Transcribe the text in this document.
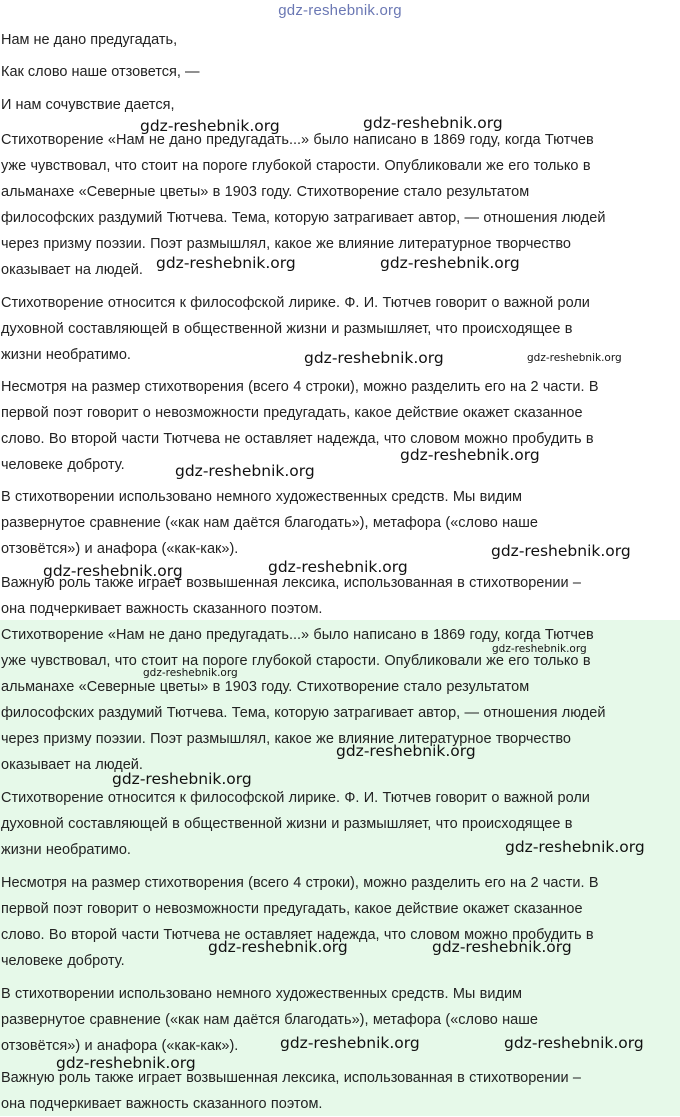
gdz-reshebnik.org
Нам не дано предугадать,
Как слово наше отзовется, —
И нам сочувствие дается,
Стихотворение «Нам не дано предугадать...» было написано в 1869 году, когда Тютчев
уже чувствовал, что стоит на пороге глубокой старости. Опубликовали же его только в
альманахе «Северные цветы» в 1903 году. Стихотворение стало результатом
философских раздумий Тютчева. Тема, которую затрагивает автор, — отношения людей
через призму поэзии. Поэт размышлял, какое же влияние литературное творчество
оказывает на людей.
Стихотворение относится к философской лирике. Ф. И. Тютчев говорит о важной роли
духовной составляющей в общественной жизни и размышляет, что происходящее в
жизни необратимо.
Несмотря на размер стихотворения (всего 4 строки), можно разделить его на 2 части. В
первой поэт говорит о невозможности предугадать, какое действие окажет сказанное
слово. Во второй части Тютчева не оставляет надежда, что словом можно пробудить в
человеке доброту.
В стихотворении использовано немного художественных средств. Мы видим
развернутое сравнение («как нам даётся благодать»), метафора («слово наше
отзовётся») и анафора («как-как»).
Важную роль также играет возвышенная лексика, использованная в стихотворении –
она подчеркивает важность сказанного поэтом.
Стихотворение «Нам не дано предугадать...» было написано в 1869 году, когда Тютчев
уже чувствовал, что стоит на пороге глубокой старости. Опубликовали же его только в
альманахе «Северные цветы» в 1903 году. Стихотворение стало результатом
философских раздумий Тютчева. Тема, которую затрагивает автор, — отношения людей
через призму поэзии. Поэт размышлял, какое же влияние литературное творчество
оказывает на людей.
Стихотворение относится к философской лирике. Ф. И. Тютчев говорит о важной роли
духовной составляющей в общественной жизни и размышляет, что происходящее в
жизни необратимо.
Несмотря на размер стихотворения (всего 4 строки), можно разделить его на 2 части. В
первой поэт говорит о невозможности предугадать, какое действие окажет сказанное
слово. Во второй части Тютчева не оставляет надежда, что словом можно пробудить в
человеке доброту.
В стихотворении использовано немного художественных средств. Мы видим
развернутое сравнение («как нам даётся благодать»), метафора («слово наше
отзовётся») и анафора («как-как»).
Важную роль также играет возвышенная лексика, использованная в стихотворении –
она подчеркивает важность сказанного поэтом.
gdz-reshebnik.org	gdz-reshebnik.org
gdz-reshebnik.org	gdz-reshebnik.org
gdz-reshebnik.org	gdz-reshebnik.org
gdz-reshebnik.org
gdz-reshebnik.org
gdz-reshebnik.org
gdz-reshebnik.org
gdz-reshebnik.org
gdz-reshebnik.org
gdz-reshebnik.org
gdz-reshebnik.org
gdz-reshebnik.org
gdz-reshebnik.org
gdz-reshebnik.org	gdz-reshebnik.org
gdz-reshebnik.org	gdz-reshebnik.org
gdz-reshebnik.org
